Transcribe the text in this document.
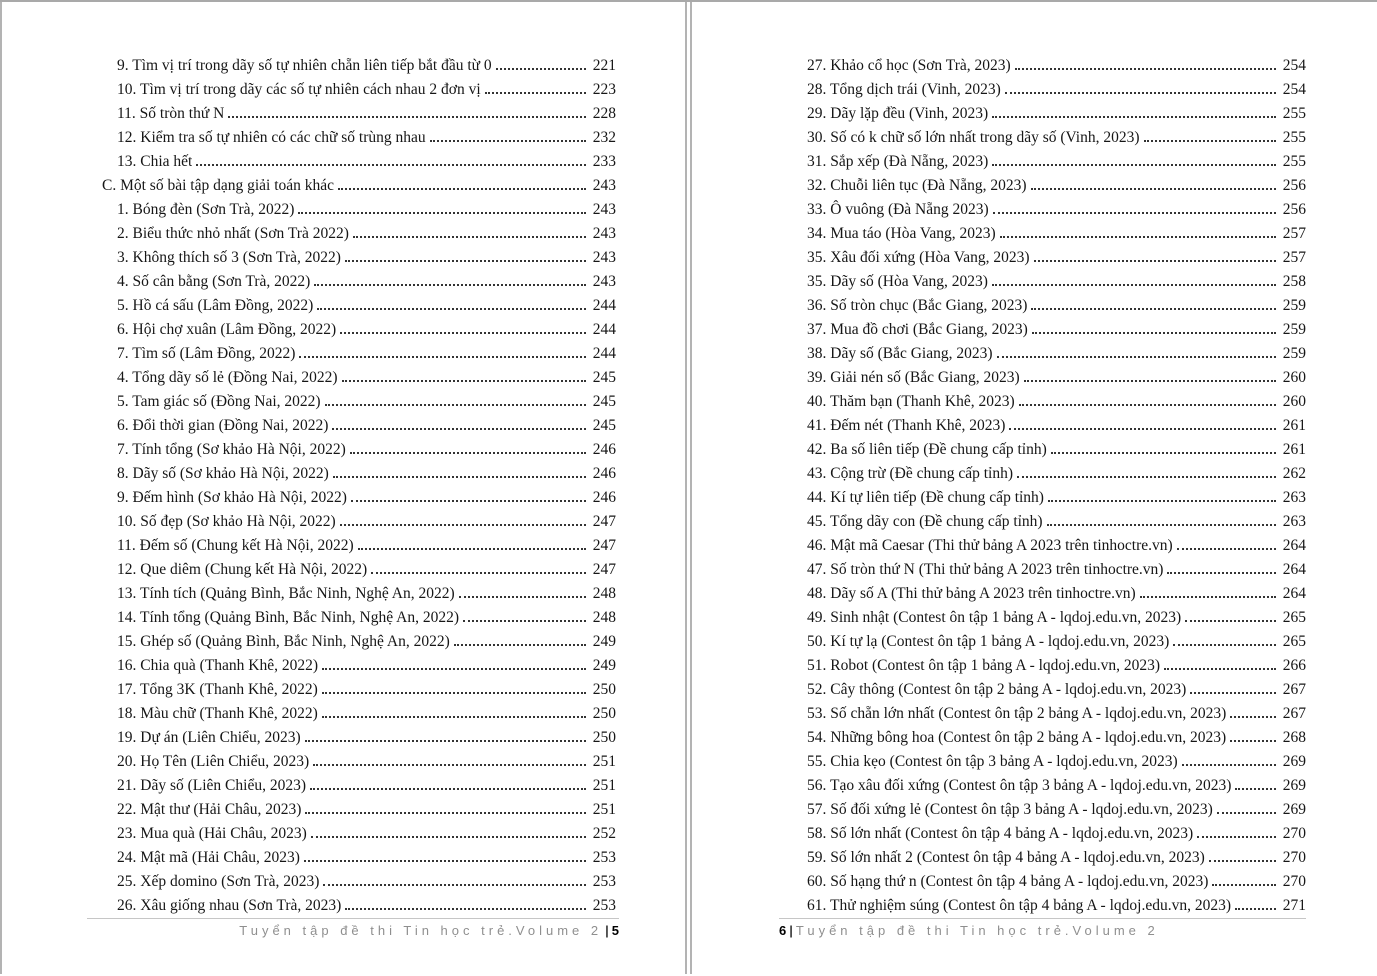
9. Tìm vị trí trong dãy số tự nhiên chẵn liên tiếp bắt đầu từ 0	221
10. Tìm vị trí trong dãy các số tự nhiên cách nhau 2 đơn vị	223
11. Số tròn thứ N	228
12. Kiểm tra số tự nhiên có các chữ số trùng nhau	232
13. Chia hết	233
C. Một số bài tập dạng giải toán khác	243
1. Bóng đèn (Sơn Trà, 2022)	243
2. Biểu thức nhỏ nhất (Sơn Trà 2022)	243
3. Không thích số 3 (Sơn Trà, 2022)	243
4. Số cân bằng (Sơn Trà, 2022)	243
5. Hồ cá sấu (Lâm Đồng, 2022)	244
6. Hội chợ xuân (Lâm Đồng, 2022)	244
7. Tìm số (Lâm Đồng, 2022)	244
4. Tổng dãy số lẻ (Đồng Nai, 2022)	245
5. Tam giác số (Đồng Nai, 2022)	245
6. Đổi thời gian (Đồng Nai, 2022)	245
7. Tính tổng (Sơ khảo Hà Nội, 2022)	246
8. Dãy số (Sơ khảo Hà Nội, 2022)	246
9. Đếm hình (Sơ khảo Hà Nội, 2022)	246
10. Số đẹp (Sơ khảo Hà Nội, 2022)	247
11. Đếm số (Chung kết Hà Nội, 2022)	247
12. Que diêm (Chung kết Hà Nội, 2022)	247
13. Tính tích (Quảng Bình, Bắc Ninh, Nghệ An, 2022)	248
14. Tính tổng (Quảng Bình, Bắc Ninh, Nghệ An, 2022)	248
15. Ghép số (Quảng Bình, Bắc Ninh, Nghệ An, 2022)	249
16. Chia quà (Thanh Khê, 2022)	249
17. Tổng 3K (Thanh Khê, 2022)	250
18. Màu chữ (Thanh Khê, 2022)	250
19. Dự án (Liên Chiểu, 2023)	250
20. Họ Tên (Liên Chiểu, 2023)	251
21. Dãy số (Liên Chiểu, 2023)	251
22. Mật thư (Hải Châu, 2023)	251
23. Mua quà (Hải Châu, 2023)	252
24. Mật mã (Hải Châu, 2023)	253
25. Xếp domino (Sơn Trà, 2023)	253
26. Xâu giống nhau (Sơn Trà, 2023)	253
Tuyển tập đề thi Tin học trẻ.Volume 2 | 5
27. Khảo cổ học (Sơn Trà, 2023)	254
28. Tổng dịch trái (Vinh, 2023)	254
29. Dãy lặp đều (Vinh, 2023)	255
30. Số có k chữ số lớn nhất trong dãy số (Vinh, 2023)	255
31. Sắp xếp (Đà Nẵng, 2023)	255
32. Chuỗi liên tục (Đà Nẵng, 2023)	256
33. Ô vuông (Đà Nẵng 2023)	256
34. Mua táo (Hòa Vang, 2023)	257
35. Xâu đối xứng (Hòa Vang, 2023)	257
35. Dãy số (Hòa Vang, 2023)	258
36. Số tròn chục (Bắc Giang, 2023)	259
37. Mua đồ chơi (Bắc Giang, 2023)	259
38. Dãy số (Bắc Giang, 2023)	259
39. Giải nén số (Bắc Giang, 2023)	260
40. Thăm bạn (Thanh Khê, 2023)	260
41. Đếm nét (Thanh Khê, 2023)	261
42. Ba số liên tiếp (Đề chung cấp tỉnh)	261
43. Cộng trừ (Đề chung cấp tỉnh)	262
44. Kí tự liên tiếp (Đề chung cấp tỉnh)	263
45. Tổng dãy con (Đề chung cấp tỉnh)	263
46. Mật mã Caesar (Thi thử bảng A 2023 trên tinhoctre.vn)	264
47. Số tròn thứ N (Thi thử bảng A 2023 trên tinhoctre.vn)	264
48. Dãy số A (Thi thử bảng A 2023 trên tinhoctre.vn)	264
49. Sinh nhật (Contest ôn tập 1 bảng A - lqdoj.edu.vn, 2023)	265
50. Kí tự lạ (Contest ôn tập 1 bảng A - lqdoj.edu.vn, 2023)	265
51. Robot (Contest ôn tập 1 bảng A - lqdoj.edu.vn, 2023)	266
52. Cây thông (Contest ôn tập 2 bảng A - lqdoj.edu.vn, 2023)	267
53. Số chẵn lớn nhất (Contest ôn tập 2 bảng A - lqdoj.edu.vn, 2023)	267
54. Những bông hoa (Contest ôn tập 2 bảng A - lqdoj.edu.vn, 2023)	268
55. Chia kẹo (Contest ôn tập 3 bảng A - lqdoj.edu.vn, 2023)	269
56. Tạo xâu đối xứng (Contest ôn tập 3 bảng A - lqdoj.edu.vn, 2023)	269
57. Số đối xứng lẻ (Contest ôn tập 3 bảng A - lqdoj.edu.vn, 2023)	269
58. Số lớn nhất (Contest ôn tập 4 bảng A - lqdoj.edu.vn, 2023)	270
59. Số lớn nhất 2 (Contest ôn tập 4 bảng A - lqdoj.edu.vn, 2023)	270
60. Số hạng thứ n (Contest ôn tập 4 bảng A - lqdoj.edu.vn, 2023)	270
61. Thử nghiệm súng (Contest ôn tập 4 bảng A - lqdoj.edu.vn, 2023)	271
6 | Tuyển tập đề thi Tin học trẻ.Volume 2
